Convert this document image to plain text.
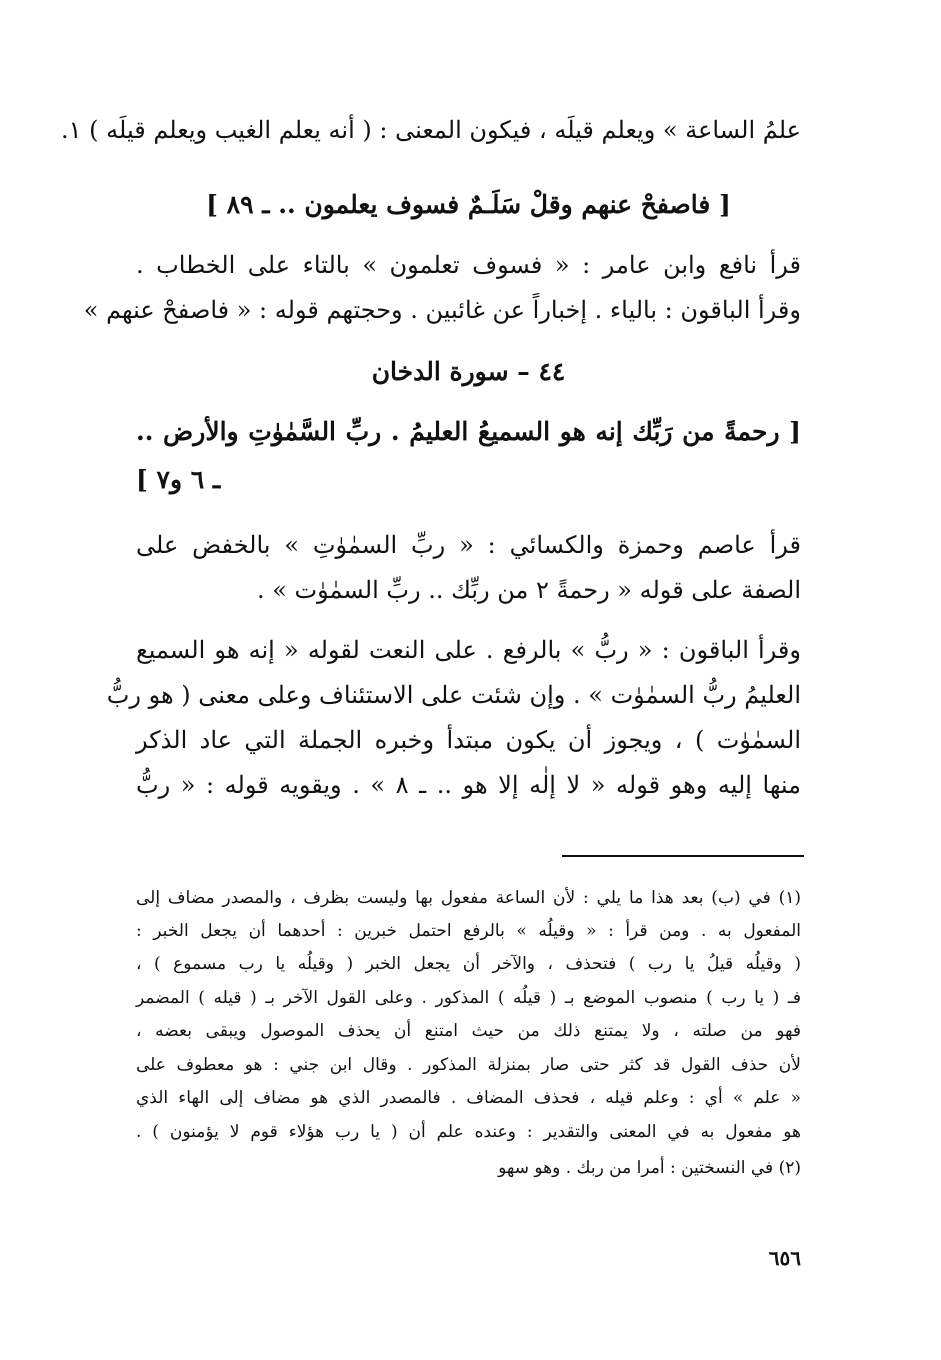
علمُ الساعة » ويعلم قيلَه ، فيكون المعنى : ( أنه يعلم الغيب ويعلم قيلَه ) ١.
[ فاصفحْ عنهم وقلْ سَلَـمٌ فسوف يعلمون .. ـ ٨٩ ]
قرأ نافع وابن عامر : « فسوف تعلمون » بالتاء على الخطاب .
وقرأ الباقون : بالياء . إخباراً عن غائبين . وحجتهم قوله : « فاصفحْ عنهم »
٤٤ – سورة الدخان
[ رحمةً من رَبِّك إنه هو السميعُ العليمُ . ربِّ السَّمٰوٰتِ والأرض ..
ـ ٦ و٧ ]
قرأ عاصم وحمزة والكسائي : « ربِّ السمٰوٰتِ » بالخفض على
الصفة على قوله « رحمةً ٢ من ربِّك .. ربِّ السمٰوٰت » .
وقرأ الباقون : « ربُّ » بالرفع . على النعت لقوله « إنه هو السميع
العليمُ ربُّ السمٰوٰت » . وإن شئت على الاستئناف وعلى معنى ( هو ربُّ
السمٰوٰت ) ، ويجوز أن يكون مبتدأ وخبره الجملة التي عاد الذكر
منها إليه وهو قوله « لا إلٰه إلا هو .. ـ ٨ » . ويقويه قوله : « ربُّ
(١) في (ب) بعد هذا ما يلي : لأن الساعة مفعول بها وليست بظرف ، والمصدر مضاف إلى
المفعول به . ومن قرأ : « وقيلُه » بالرفع احتمل خبرين : أحدهما أن يجعل الخبر :
( وقيلُه قيلُ يا رب ) فتحذف ، والآخر أن يجعل الخبر ( وقيلُه يا رب مسموع ) ،
فـ ( يا رب ) منصوب الموضع بـ ( قيلُه ) المذكور . وعلى القول الآخر بـ ( قيله ) المضمر
فهو من صلته ، ولا يمتنع ذلك من حيث امتنع أن يحذف الموصول ويبقى بعضه ،
لأن حذف القول قد كثر حتى صار بمنزلة المذكور . وقال ابن جني : هو معطوف على
« علم » أي : وعلم قيله ، فحذف المضاف . فالمصدر الذي هو مضاف إلى الهاء الذي
هو مفعول به في المعنى والتقدير : وعنده علم أن ( يا رب هؤلاء قوم لا يؤمنون ) .
(٢) في النسختين : أمرا من ربك . وهو سهو
٦٥٦
